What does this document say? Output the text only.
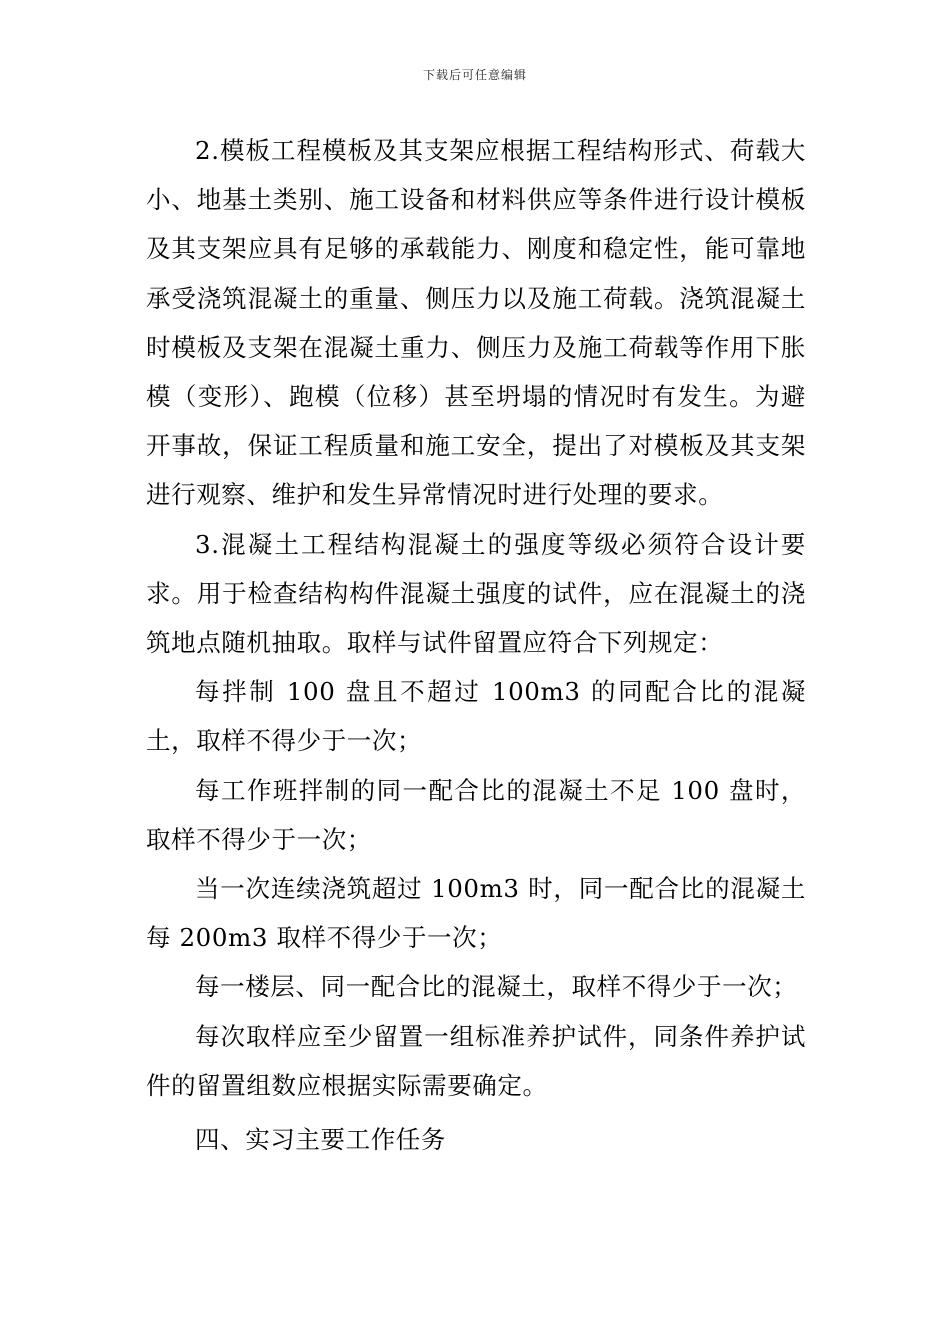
下载后可任意编辑

2.模板工程模板及其支架应根据工程结构形式、荷载大小、地基土类别、施工设备和材料供应等条件进行设计模板及其支架应具有足够的承载能力、刚度和稳定性，能可靠地承受浇筑混凝土的重量、侧压力以及施工荷载。浇筑混凝土时模板及支架在混凝土重力、侧压力及施工荷载等作用下胀模（变形）、跑模（位移）甚至坍塌的情况时有发生。为避开事故，保证工程质量和施工安全，提出了对模板及其支架进行观察、维护和发生异常情况时进行处理的要求。

3.混凝土工程结构混凝土的强度等级必须符合设计要求。用于检查结构构件混凝土强度的试件，应在混凝土的浇筑地点随机抽取。取样与试件留置应符合下列规定：

每拌制 100 盘且不超过 100m3 的同配合比的混凝土，取样不得少于一次；

每工作班拌制的同一配合比的混凝土不足 100 盘时，取样不得少于一次；

当一次连续浇筑超过 100m3 时，同一配合比的混凝土每 200m3 取样不得少于一次；

每一楼层、同一配合比的混凝土，取样不得少于一次；

每次取样应至少留置一组标准养护试件，同条件养护试件的留置组数应根据实际需要确定。

四、实习主要工作任务
